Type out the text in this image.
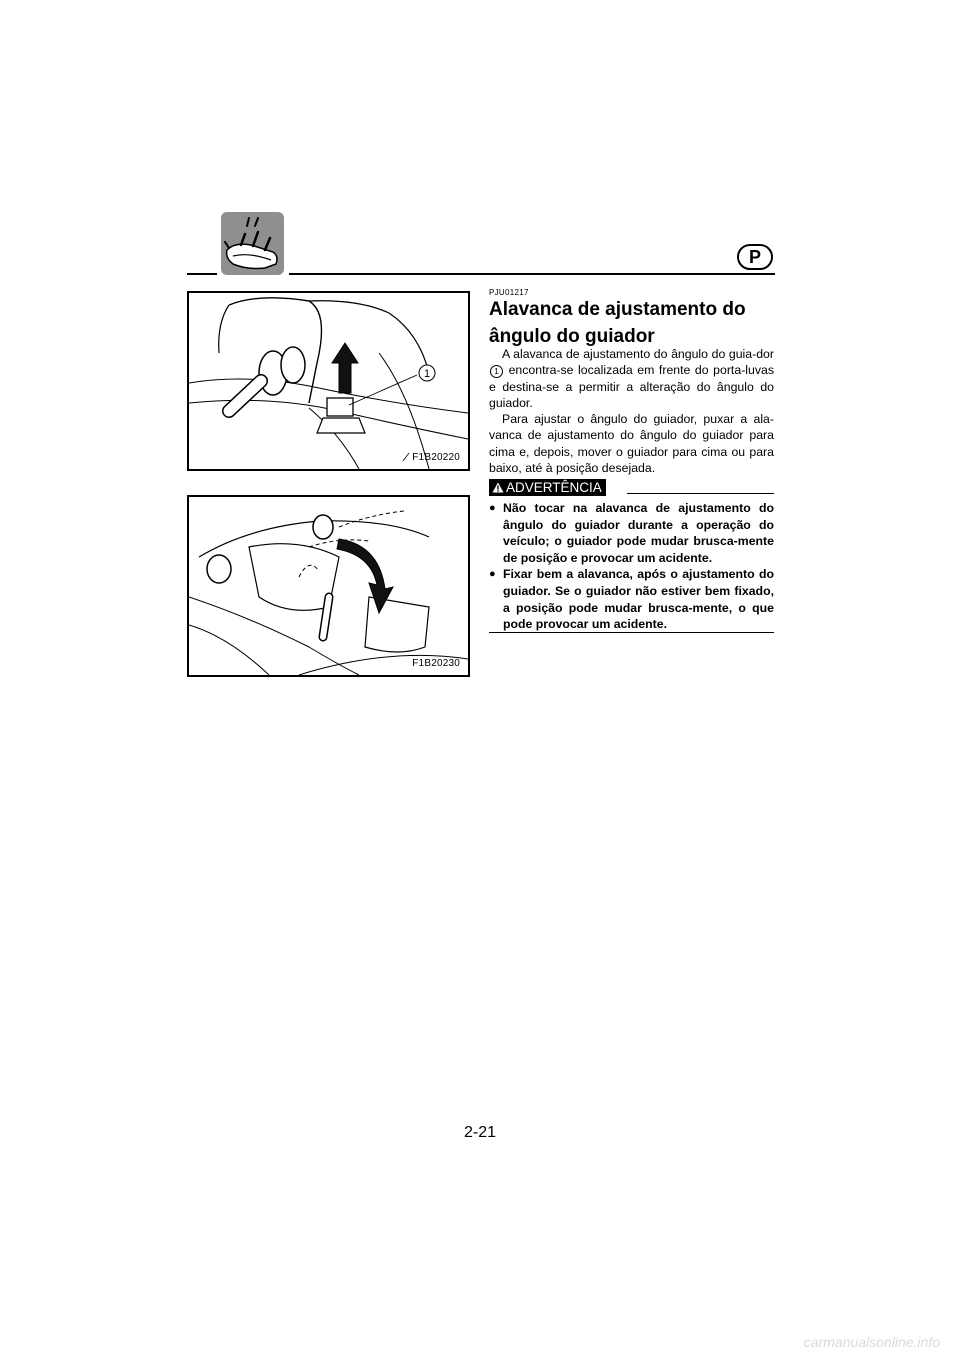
P
1
F1B20220
F1B20230
PJU01217
Alavanca de ajustamento do ângulo do guiador

A alavanca de ajustamento do ângulo do guia-dor 1 encontra-se localizada em frente do porta-luvas e destina-se a permitir a alteração do ângulo do guiador.

Para ajustar o ângulo do guiador, puxar a ala-vanca de ajustamento do ângulo do guiador para cima e, depois, mover o guiador para cima ou para baixo, até à posição desejada.

ADVERTÊNCIA
● Não tocar na alavanca de ajustamento do ângulo do guiador durante a operação do veículo; o guiador pode mudar brusca-mente de posição e provocar um acidente.
● Fixar bem a alavanca, após o ajustamento do guiador. Se o guiador não estiver bem fixado, a posição pode mudar brusca-mente, o que pode provocar um acidente.
2-21
carmanualsonline.info
